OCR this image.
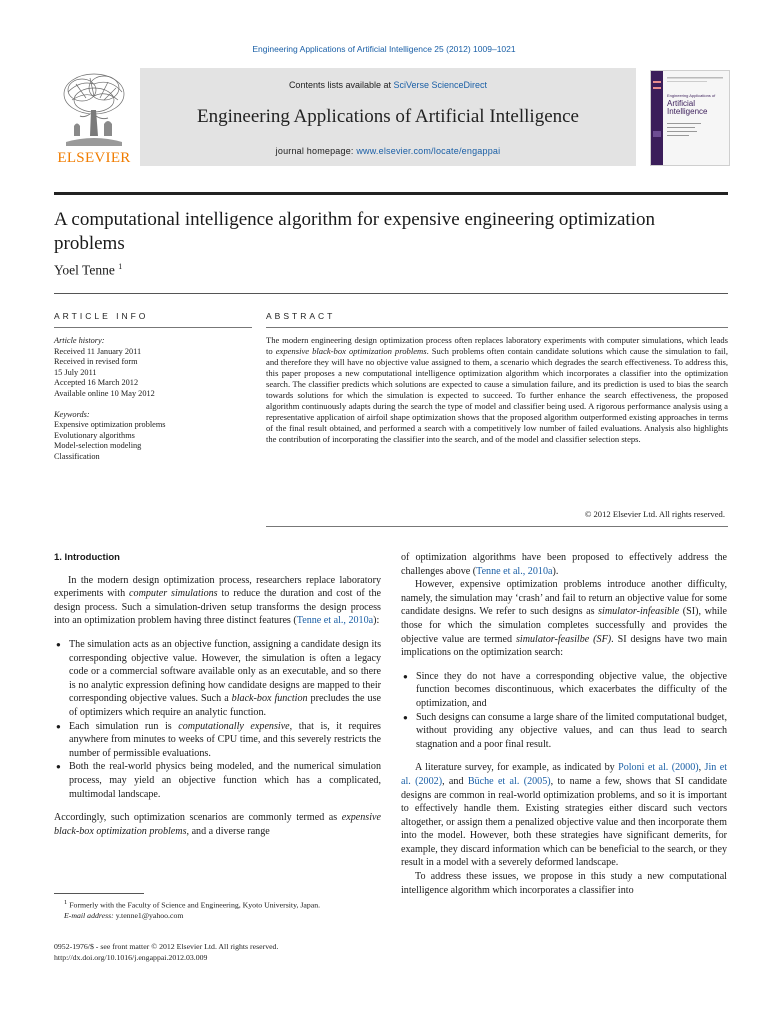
Engineering Applications of Artificial Intelligence 25 (2012) 1009–1021
ELSEVIER
Contents lists available at SciVerse ScienceDirect
Engineering Applications of Artificial Intelligence
journal homepage: www.elsevier.com/locate/engappai
Engineering Applications of
Artificial
Intelligence
A computational intelligence algorithm for expensive engineering optimization problems
Yoel Tenne $^1$
ARTICLE INFO	ABSTRACT
Article history:
Received 11 January 2011
Received in revised form
15 July 2011
Accepted 16 March 2012
Available online 10 May 2012
Keywords:
Expensive optimization problems
Evolutionary algorithms
Model-selection modeling
Classification
The modern engineering design optimization process often replaces laboratory experiments with computer simulations, which leads to expensive black-box optimization problems. Such problems often contain candidate solutions which cause the simulation to fail, and therefore they will have no objective value assigned to them, a scenario which degrades the search effectiveness. To address this, this paper proposes a new computational intelligence optimization algorithm which incorporates a classifier into the optimization search. The classifier predicts which solutions are expected to cause a simulation failure, and its prediction is used to bias the search towards solutions for which the simulation is expected to succeed. To further enhance the search effectiveness, the proposed algorithm continuously adapts during the search the type of model and classifier being used. A rigorous performance analysis using a representative application of airfoil shape optimization shows that the proposed algorithm outperformed existing approaches in terms of the final result obtained, and performed a search with a competitively low number of failed evaluations. Analysis also highlights the contribution of incorporating the classifier into the search, and of the model and classifier selection steps.
© 2012 Elsevier Ltd. All rights reserved.
1. Introduction

In the modern design optimization process, researchers replace laboratory experiments with computer simulations to reduce the duration and cost of the design process. Such a simulation-driven setup transforms the design process into an optimization problem having three distinct features (Tenne et al., 2010a):

● The simulation acts as an objective function, assigning a candidate design its corresponding objective value. However, the simulation is often a legacy code or a commercial software available only as an executable, and so there is no analytic expression defining how candidate designs are mapped to their corresponding objective values. Such a black-box function precludes the use of optimizers which require an analytic function.
● Each simulation run is computationally expensive, that is, it requires anywhere from minutes to weeks of CPU time, and this severely restricts the number of permissible evaluations.
● Both the real-world physics being modeled, and the numerical simulation process, may yield an objective function which has a complicated, multimodal landscape.

Accordingly, such optimization scenarios are commonly termed as expensive black-box optimization problems, and a diverse range

$^1$ Formerly with the Faculty of Science and Engineering, Kyoto University, Japan.
E-mail address: y.tenne1@yahoo.com
0952-1976/$ - see front matter © 2012 Elsevier Ltd. All rights reserved.
http://dx.doi.org/10.1016/j.engappai.2012.03.009

of optimization algorithms have been proposed to effectively address the challenges above (Tenne et al., 2010a).

However, expensive optimization problems introduce another difficulty, namely, the simulation may ‘crash’ and fail to return an objective value for some candidate designs. We refer to such designs as simulator-infeasible (SI), while those for which the simulation completes successfully and provides the objective value are termed simulator-feasilbe (SF). SI designs have two main implications on the optimization search:

● Since they do not have a corresponding objective value, the objective function becomes discontinuous, which exacerbates the difficulty of the optimization, and
● Such designs can consume a large share of the limited computational budget, without providing any objective values, and can thus lead to search stagnation and a poor final result.

A literature survey, for example, as indicated by Poloni et al. (2000), Jin et al. (2002), and Büche et al. (2005), to name a few, shows that SI candidate designs are common in real-world optimization problems, and so it is important to effectively handle them. Existing strategies either discard such vectors altogether, or assign them a penalized objective value and then incorporate them into the model. However, both these strategies have significant demerits, for example, they discard information which can be beneficial to the search, or they result in a model with a severely deformed landscape.

To address these issues, we propose in this study a new computational intelligence algorithm which incorporates a classifier into
